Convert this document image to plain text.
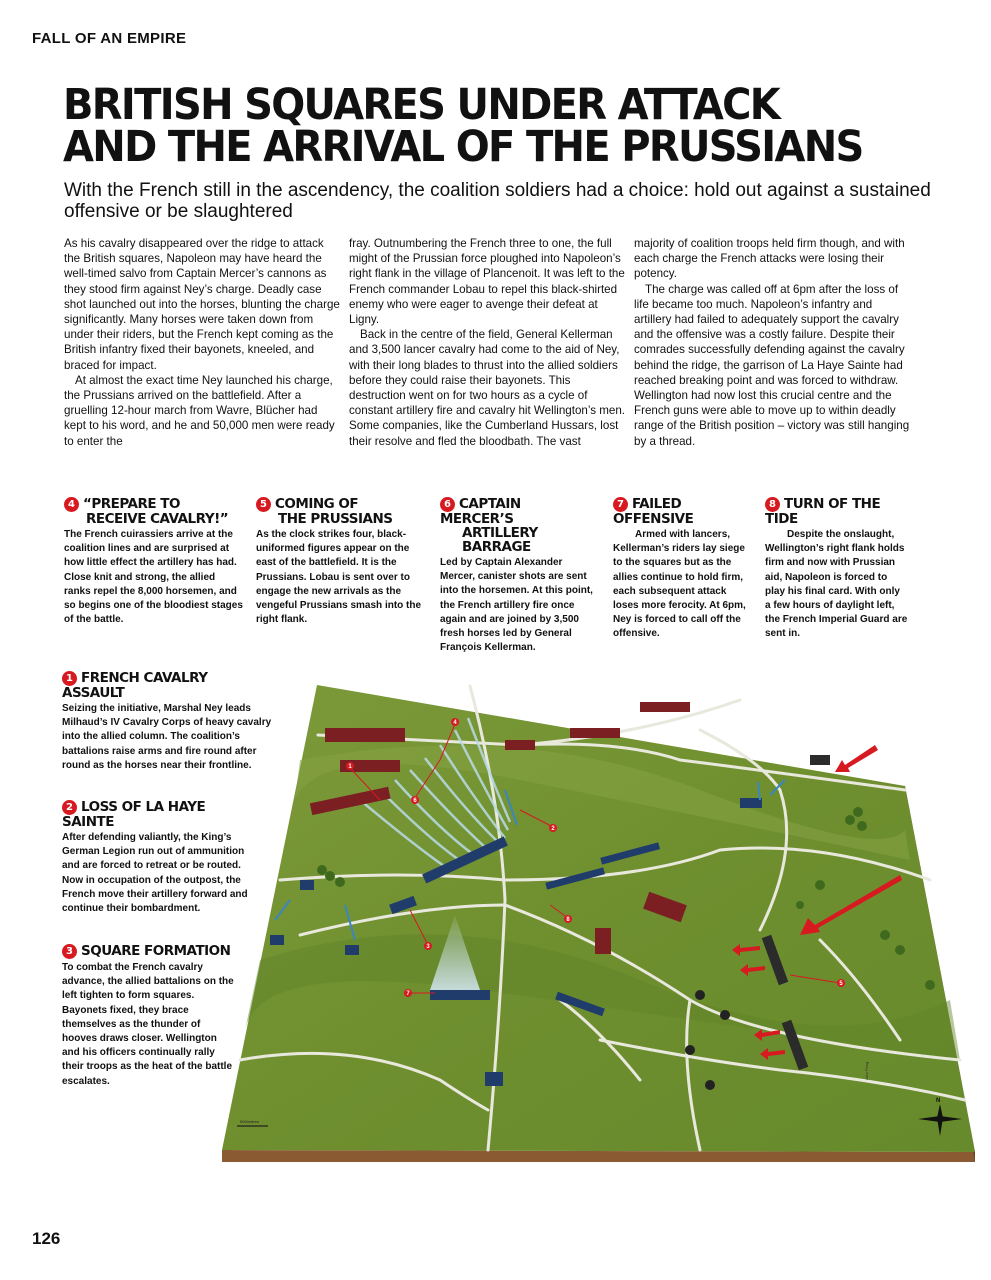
FALL OF AN EMPIRE
BRITISH SQUARES UNDER ATTACK
AND THE ARRIVAL OF THE PRUSSIANS

With the French still in the ascendency, the coalition soldiers had a choice: hold out against a sustained offensive or be slaughtered

As his cavalry disappeared over the ridge to attack the British squares, Napoleon may have heard the well-timed salvo from Captain Mercer’s cannons as they stood firm against Ney’s charge. Deadly case shot launched out into the horses, blunting the charge significantly. Many horses were taken down from under their riders, but the French kept coming as the British infantry fixed their bayonets, kneeled, and braced for impact.

At almost the exact time Ney launched his charge, the Prussians arrived on the battlefield. After a gruelling 12-hour march from Wavre, Blücher had kept to his word, and he and 50,000 men were ready to enter the

fray. Outnumbering the French three to one, the full might of the Prussian force ploughed into Napoleon’s right flank in the village of Plancenoit. It was left to the French commander Lobau to repel this black-shirted enemy who were eager to avenge their defeat at Ligny.

Back in the centre of the field, General Kellerman and 3,500 lancer cavalry had come to the aid of Ney, with their long blades to thrust into the allied soldiers before they could raise their bayonets. This destruction went on for two hours as a cycle of constant artillery fire and cavalry hit Wellington’s men. Some companies, like the Cumberland Hussars, lost their resolve and fled the bloodbath. The vast

majority of coalition troops held firm though, and with each charge the French attacks were losing their potency.

The charge was called off at 6pm after the loss of life became too much. Napoleon’s infantry and artillery had failed to adequately support the cavalry and the offensive was a costly failure. Despite their comrades successfully defending against the cavalry behind the ridge, the garrison of La Haye Sainte had reached breaking point and was forced to withdraw. Wellington had now lost this crucial centre and the French guns were able to move up to within deadly range of the British position – victory was still hanging by a thread.

4 “PREPARE TO
RECEIVE CAVALRY!”

The French cuirassiers arrive at the coalition lines and are surprised at how little effect the artillery has had. Close knit and strong, the allied ranks repel the 8,000 horsemen, and so begins one of the bloodiest stages of the battle.

5 COMING OF
THE PRUSSIANS

As the clock strikes four, black-uniformed figures appear on the east of the battlefield. It is the Prussians. Lobau is sent over to engage the new arrivals as the vengeful Prussians smash into the right flank.

6 CAPTAIN MERCER’S
ARTILLERY BARRAGE

Led by Captain Alexander Mercer, canister shots are sent into the horsemen. At this point, the French artillery fire once again and are joined by 3,500 fresh horses led by General François Kellerman.

7 FAILED OFFENSIVE

Armed with lancers, Kellerman’s riders lay siege to the squares but as the allies continue to hold firm, each subsequent attack loses more ferocity. At 6pm, Ney is forced to call off the offensive.

8 TURN OF THE TIDE

Despite the onslaught, Wellington’s right flank holds firm and now with Prussian aid, Napoleon is forced to play his final card. With only a few hours of daylight left, the French Imperial Guard are sent in.

1 FRENCH CAVALRY ASSAULT

Seizing the initiative, Marshal Ney leads Milhaud’s IV Cavalry Corps of heavy cavalry into the allied column. The coalition’s battalions raise arms and fire round after round as the horses near their frontline.

2 LOSS OF LA HAYE SAINTE

After defending valiantly, the King’s German Legion run out of ammunition and are forced to retreat or be routed. Now in occupation of the outpost, the French move their artillery forward and continue their bombardment.

3 SQUARE FORMATION

To combat the French cavalry advance, the allied battalions on the left tighten to form squares. Bayonets fixed, they brace themselves as the thunder of hooves draws closer. Wellington and his officers continually rally their troops as the heat of the battle escalates.

1
2
3
4
5
6
7
8
500metres
Alex Pang
N
126
